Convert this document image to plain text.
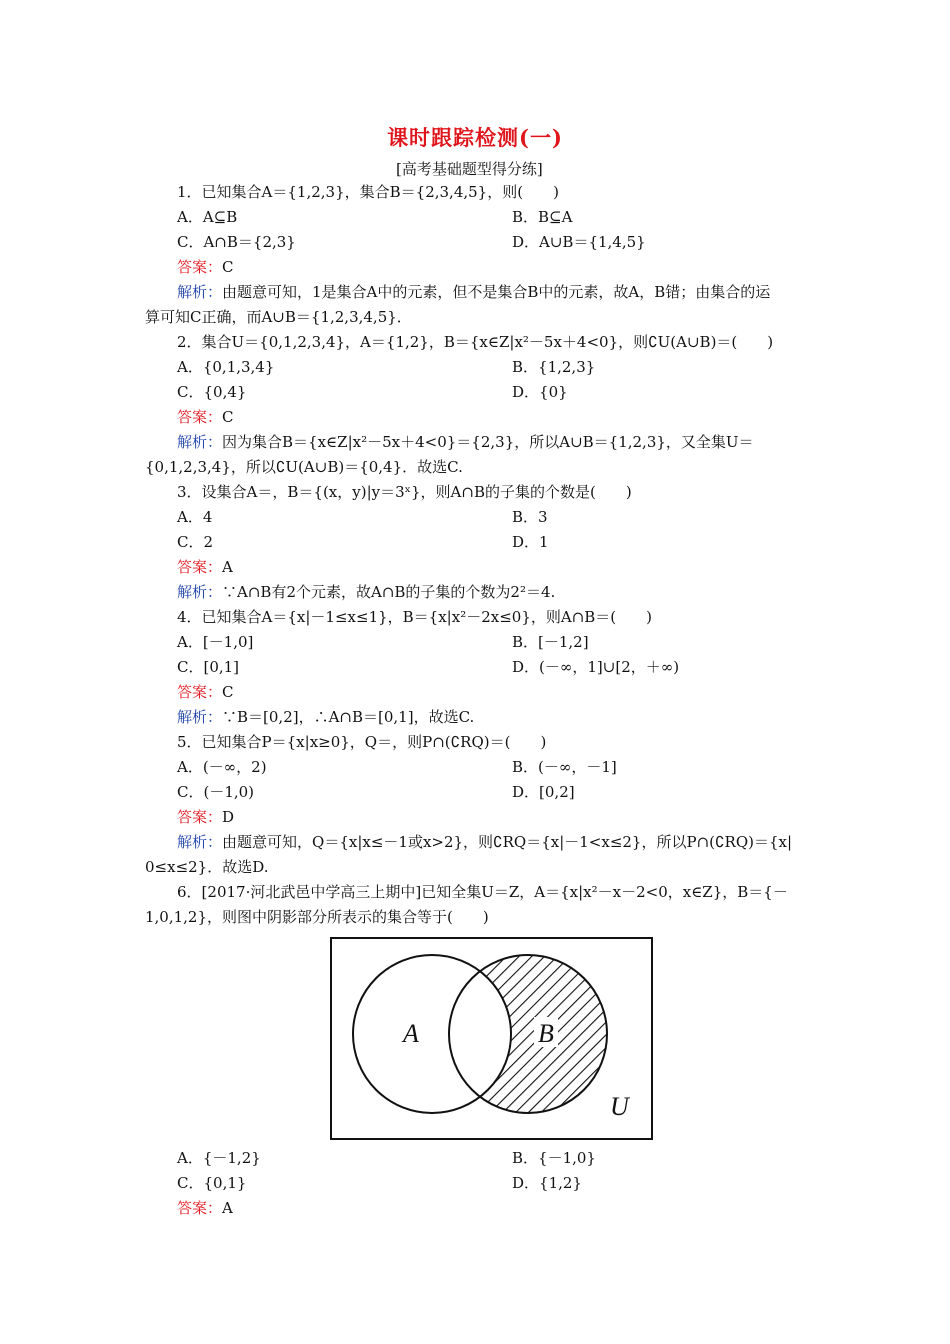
课时跟踪检测(一)
[高考基础题型得分练]
1．已知集合A＝{1,2,3}，集合B＝{2,3,4,5}，则(　　)
A．A⊆B	B．B⊆A
C．A∩B＝{2,3}	D．A∪B＝{1,4,5}
答案：C
解析：由题意可知，1是集合A中的元素，但不是集合B中的元素，故A，B错；由集合的运
算可知C正确，而A∪B＝{1,2,3,4,5}．
2．集合U＝{0,1,2,3,4}，A＝{1,2}，B＝{x∈Z|x²－5x＋4<0}，则∁U(A∪B)＝(　　)
A．{0,1,3,4}	B．{1,2,3}
C．{0,4}	D．{0}
答案：C
解析：因为集合B＝{x∈Z|x²－5x＋4<0}＝{2,3}，所以A∪B＝{1,2,3}，又全集U＝
{0,1,2,3,4}，所以∁U(A∪B)＝{0,4}．故选C.
3．设集合A＝，B＝{(x，y)|y＝3ˣ}，则A∩B的子集的个数是(　　)
A．4	B．3
C．2	D．1
答案：A
解析：∵A∩B有2个元素，故A∩B的子集的个数为2²＝4.
4．已知集合A＝{x|－1≤x≤1}，B＝{x|x²－2x≤0}，则A∩B＝(　　)
A．[－1,0]	B．[－1,2]
C．[0,1]	D．(－∞，1]∪[2，＋∞)
答案：C
解析：∵B＝[0,2]，∴A∩B＝[0,1]，故选C.
5．已知集合P＝{x|x≥0}，Q＝，则P∩(∁RQ)＝(　　)
A．(－∞，2)	B．(－∞，－1]
C．(－1,0)	D．[0,2]
答案：D
解析：由题意可知，Q＝{x|x≤－1或x>2}，则∁RQ＝{x|－1<x≤2}，所以P∩(∁RQ)＝{x|
0≤x≤2}．故选D.
6．[2017·河北武邑中学高三上期中]已知全集U＝Z，A＝{x|x²－x－2<0，x∈Z}，B＝{－
1,0,1,2}，则图中阴影部分所表示的集合等于(　　)
A	B
U
A．{－1,2}	B．{－1,0}
C．{0,1}	D．{1,2}
答案：A
